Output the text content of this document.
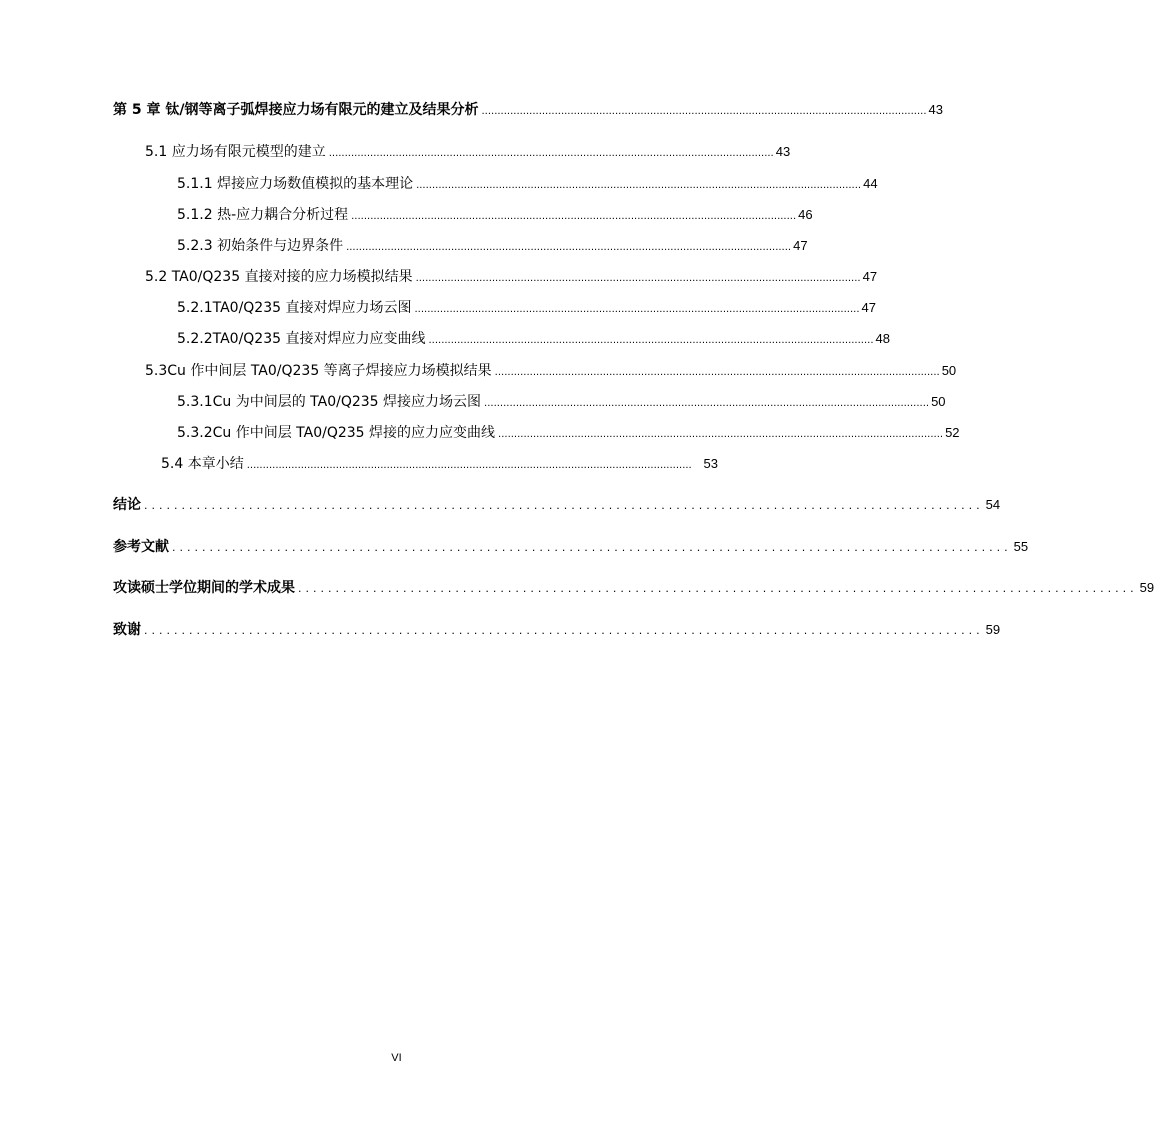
第 5 章 钛/钢等离子弧焊接应力场有限元的建立及结果分析 ............................................................................................................................................ 43
5.1 应力场有限元模型的建立 ............................................................................................................................................ 43
5.1.1 焊接应力场数值模拟的基本理论 ............................................................................................................................................ 44
5.1.2 热-应力耦合分析过程 ............................................................................................................................................ 46
5.2.3 初始条件与边界条件 ............................................................................................................................................ 47
5.2 TA0/Q235 直接对接的应力场模拟结果 ............................................................................................................................................ 47
5.2.1TA0/Q235 直接对焊应力场云图 ............................................................................................................................................ 47
5.2.2TA0/Q235 直接对焊应力应变曲线 ............................................................................................................................................ 48
5.3Cu 作中间层 TA0/Q235 等离子焊接应力场模拟结果 ............................................................................................................................................ 50
5.3.1Cu 为中间层的 TA0/Q235 焊接应力场云图 ............................................................................................................................................ 50
5.3.2Cu 作中间层 TA0/Q235 焊接的应力应变曲线 ............................................................................................................................................ 52
5.4 本章小结 ............................................................................................................................................ 53
结论 ................................................................................................................ 54
参考文献 ................................................................................................................ 55
攻读硕士学位期间的学术成果 ................................................................................................................ 59
致谢 ................................................................................................................ 59
VI
